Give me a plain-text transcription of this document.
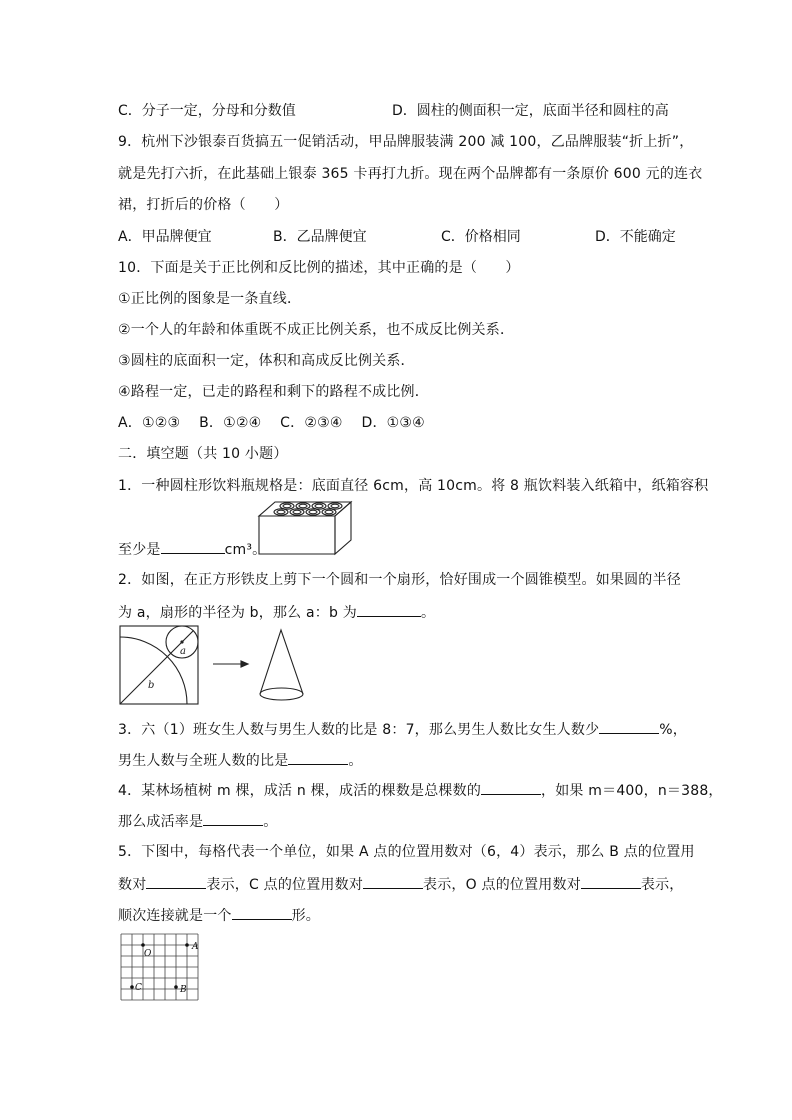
C．分子一定，分母和分数值	D．圆柱的侧面积一定，底面半径和圆柱的高
9．杭州下沙银泰百货搞五一促销活动，甲品牌服装满 200 减 100，乙品牌服装“折上折”，
就是先打六折，在此基础上银泰 365 卡再打九折。现在两个品牌都有一条原价 600 元的连衣
裙，打折后的价格（　　）
A．甲品牌便宜	B．乙品牌便宜	C．价格相同	D．不能确定
10．下面是关于正比例和反比例的描述，其中正确的是（　　）
①正比例的图象是一条直线．
②一个人的年龄和体重既不成正比例关系，也不成反比例关系．
③圆柱的底面积一定，体积和高成反比例关系．
④路程一定，已走的路程和剩下的路程不成比例．
A．①②③　 B．①②④　 C．②③④　 D．①③④
二．填空题（共 10 小题）
1．一种圆柱形饮料瓶规格是：底面直径 6cm，高 10cm。将 8 瓶饮料装入纸箱中，纸箱容积
至少是	cm³。
2．如图，在正方形铁皮上剪下一个圆和一个扇形，恰好围成一个圆锥模型。如果圆的半径
为 a，扇形的半径为 b，那么 a：b 为	。
a
b
3．六（1）班女生人数与男生人数的比是 8：7，那么男生人数比女生人数少	%，
男生人数与全班人数的比是	。
4．某林场植树 m 棵，成活 n 棵，成活的棵数是总棵数的	，如果 m＝400，n＝388，
那么成活率是	。
5．下图中，每格代表一个单位，如果 A 点的位置用数对（6，4）表示，那么 B 点的位置用
数对	表示，C 点的位置用数对	表示，O 点的位置用数对	表示，
顺次连接就是一个	形。
O
A
C	B
